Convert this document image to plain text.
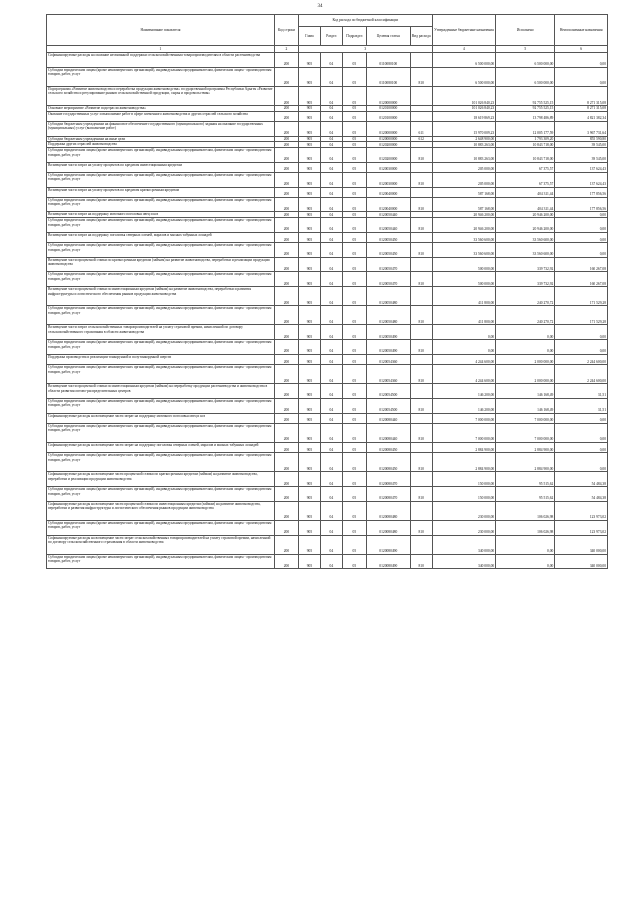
34
Наименование показателя	Код строки	Код расхода по бюджетной классификации					Утвержденные бюджетные назначения	Исполнено	Неисполненные назначения
		Глава	Раздел	Подраздел	Целевая статья	Вид расхода			
1	2	3					4	5	6
Софинансируемые расходы на оказание несвязанной поддержки сельскохозяйственным товаропроизводителям в области растениеводства	200	905	04	05	0110080100		6 500 000,00	6 500 000,00	0,00
Субсидии юридическим лицам (кроме некоммерческих организаций), индивидуальным предпринимателям, физическим лицам - производителям товаров, работ, услуг	200	905	04	05	0110080100	810	6 500 000,00	6 500 000,00	0,00
Подпрограмма «Развитие животноводства и переработка продукции животноводства» государственной программы Республики Адыгея «Развитие сельского хозяйства и регулирование рынков сельскохозяйственной продукции, сырья и продовольствия»	200	905	04	05	0120000000		101 026 840,23	92 755 525,15	8 271 315,08
Основное мероприятие «Развитие подотрасли животноводства»	200	905	04	05	0120100000		101 026 840,23	92 755 525,15	8 271 315,08
Оказание государственных услуг и выполнение работ в сфере племенного животноводства и других отраслей сельского хозяйства	200	905	04	05	0120100000		18 619 869,23	13 798 486,89	4 821 382,34
Субсидии бюджетным учреждениям на финансовое обеспечение государственного (муниципального) задания на оказание государственных (муниципальных) услуг (выполнение работ)	200	905	04	05	0120000000	611	15 970 009,23	12 005 177,59	3 967 731,64
Субсидии бюджетным учреждениям на иные цели	200	905	04	05	0120000000	612	2 648 900,00	1 793 309,20	855 590,80
Поддержка других отраслей животноводства	200	905	04	05	0120200000		10 883 263,00	10 843 718,00	39 545,00
Субсидии юридическим лицам (кроме некоммерческих организаций), индивидуальным предпринимателям, физическим лицам - производителям товаров, работ, услуг	200	905	04	05	0120200000	810	10 883 263,00	10 843 718,00	39 545,00
Возмещение части затрат на уплату процентов по кредитам инвестиционным кредитам	200	905	04	05	0120030000		205 000,00	67 375,57	137 624,43
Субсидии юридическим лицам (кроме некоммерческих организаций), индивидуальным предпринимателям, физическим лицам - производителям товаров, работ, услуг	200	905	04	05	0120030000	810	205 000,00	67 375,57	137 624,43
Возмещение части затрат на уплату процентов по кредитам краткосрочным кредитам	200	905	04	05	0120040000		587 168,00	404 311,44	177 856,56
Субсидии юридическим лицам (кроме некоммерческих организаций), индивидуальным предпринимателям, физическим лицам - производителям товаров, работ, услуг	200	905	04	05	0120040000	810	587 168,00	404 311,44	177 856,56
Возмещение части затрат на поддержку маточного поголовья овец и коз	200	905	04	05	0120050440		20 946 200,00	20 946 200,00	0,00
Субсидии юридическим лицам (кроме некоммерческих организаций), индивидуальным предпринимателям, физическим лицам - производителям товаров, работ, услуг	200	905	04	05	0120050440	810	20 946 200,00	20 946 200,00	0,00
Возмещение части затрат на поддержку поголовья северных оленей, маралов и мясных табунных лошадей	200	905	04	05	0120050450		33 560 600,00	33 560 600,00	0,00
Субсидии юридическим лицам (кроме некоммерческих организаций), индивидуальным предпринимателям, физическим лицам - производителям товаров, работ, услуг	200	905	04	05	0120050450	810	33 560 600,00	33 560 600,00	0,00
Возмещение части процентной ставки по краткосрочным кредитам (займам) на развитие животноводства, переработки и реализации продукции животноводства	200	905	04	05	0120050470		500 000,00	339 732,92	160 267,08
Субсидии юридическим лицам (кроме некоммерческих организаций), индивидуальным предпринимателям, физическим лицам - производителям товаров, работ, услуг	200	905	04	05	0120050470	810	500 000,00	339 732,92	160 267,08
Возмещение части процентной ставки по инвестиционным кредитам (займам) на развитие животноводства, переработки и развития инфраструктуры и логистического обеспечения рынков продукции животноводства	200	905	04	05	0120050480		411 800,00	240 270,72	171 529,28
Субсидии юридическим лицам (кроме некоммерческих организаций), индивидуальным предпринимателям, физическим лицам - производителям товаров, работ, услуг	200	905	04	05	0120050480	810	411 800,00	240 270,72	171 529,28
Возмещение части затрат сельскохозяйственных товаропроизводителей на уплату страховой премии, начисленной по договору сельскохозяйственного страхования в области животноводства	200	905	04	05	0120050490		0,00	0,00	0,00
Субсидии юридическим лицам (кроме некоммерческих организаций), индивидуальным предпринимателям, физическим лицам - производителям товаров, работ, услуг	200	905	04	05	0120050490	810	0,00	0,00	0,00
Поддержка производства и реализации тонкорунной и полутонкорунной шерсти	200	905	04	05	0120054360		4 244 600,00	2 000 000,00	2 244 600,00
Субсидии юридическим лицам (кроме некоммерческих организаций), индивидуальным предпринимателям, физическим лицам - производителям товаров, работ, услуг	200	905	04	05	0120054360	810	4 244 600,00	2 000 000,00	2 244 600,00
Возмещение части процентной ставки по инвестиционным кредитам (займам) на переработку продукции растениеводства и животноводства в области развития оптово-распределительных центров	200	905	04	05	0120054500		146 200,00	146 168,49	31,51
Субсидии юридическим лицам (кроме некоммерческих организаций), индивидуальным предпринимателям, физическим лицам - производителям товаров, работ, услуг	200	905	04	05	0120054500	810	146 200,00	146 168,49	31,51
Софинансируемые расходы на возмещение части затрат на поддержку маточного поголовья овец и коз	200	905	04	05	0120080440		7 000 000,00	7 000 000,00	0,00
Субсидии юридическим лицам (кроме некоммерческих организаций), индивидуальным предпринимателям, физическим лицам - производителям товаров, работ, услуг	200	905	04	05	0120080440	810	7 000 000,00	7 000 000,00	0,00
Софинансируемые расходы на возмещение части затрат на поддержку поголовья северных оленей, маралов и мясных табунных лошадей	200	905	04	05	0120080450		2 884 900,00	2 884 900,00	0,00
Субсидии юридическим лицам (кроме некоммерческих организаций), индивидуальным предпринимателям, физическим лицам - производителям товаров, работ, услуг	200	905	04	05	0120080450	810	2 884 900,00	2 884 900,00	0,00
Софинансируемые расходы на возмещение части процентной ставки по краткосрочным кредитам (займам) на развитие животноводства, переработки и реализации продукции животноводства	200	905	04	05	0120080470		150 000,00	95 515,62	54 484,38
Субсидии юридическим лицам (кроме некоммерческих организаций), индивидуальным предпринимателям, физическим лицам - производителям товаров, работ, услуг	200	905	04	05	0120080470	810	150 000,00	95 515,62	54 484,38
Софинансируемые расходы на возмещение части процентной ставки по инвестиционным кредитам (займам) на развитие животноводства, переработки и развития инфраструктуры и логистического обеспечения рынков продукции животноводства	200	905	04	05	0120080480		230 000,00	106 026,98	123 973,02
Субсидии юридическим лицам (кроме некоммерческих организаций), индивидуальным предпринимателям, физическим лицам - производителям товаров, работ, услуг	200	905	04	05	0120080480	810	230 000,00	106 026,98	123 973,02
Софинансируемые расходы на возмещение части затрат сельскохозяйственных товаропроизводителей на уплату страховой премии, начисленной по договору сельскохозяйственного страхования в области животноводства	200	905	04	05	0120080490		340 000,00	0,00	340 000,00
Субсидии юридическим лицам (кроме некоммерческих организаций), индивидуальным предпринимателям, физическим лицам - производителям товаров, работ, услуг	200	905	04	05	0120080490	810	340 000,00	0,00	340 000,00
